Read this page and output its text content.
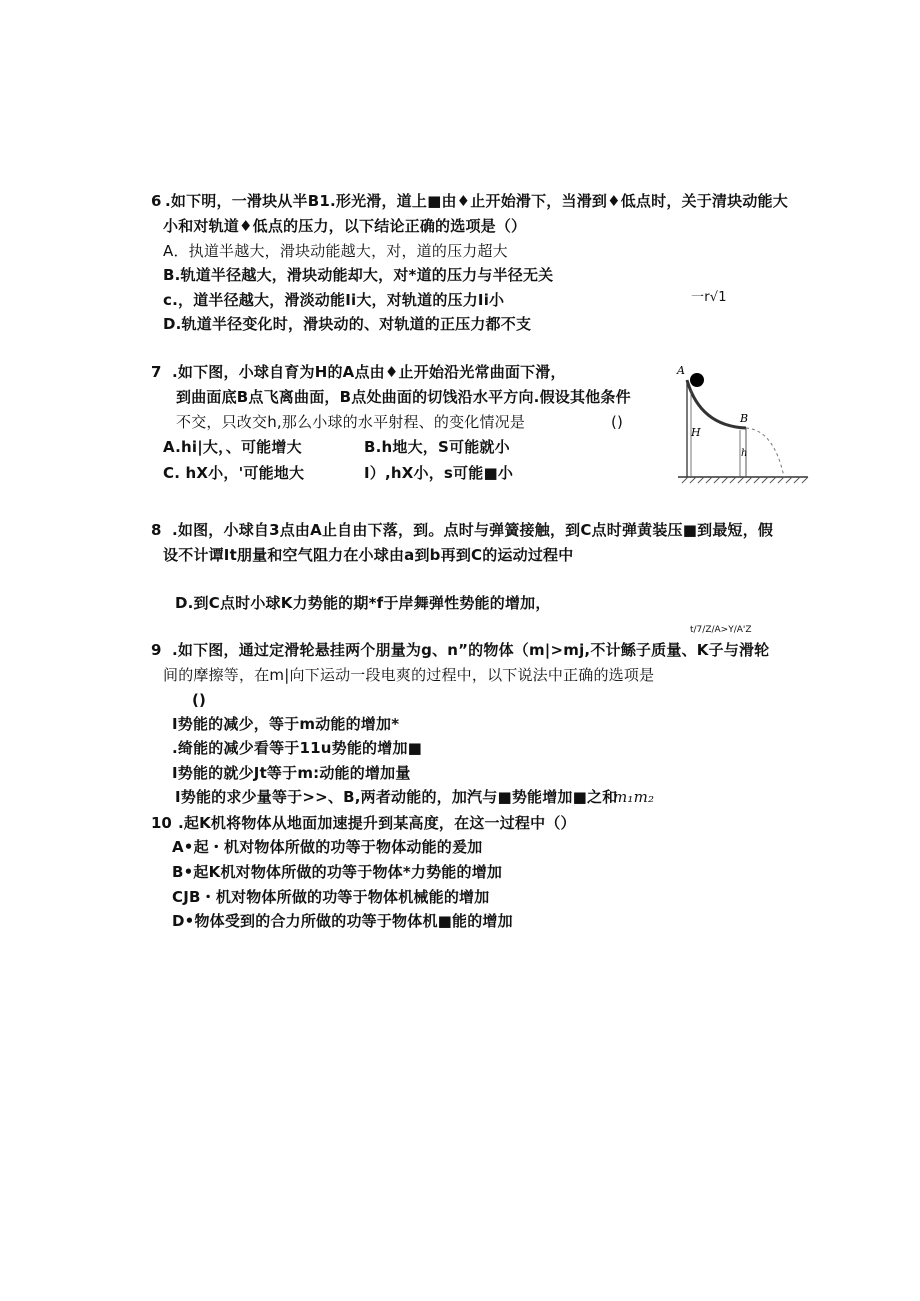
6 .如下明，一滑块从半B1.形光滑，道上■由♦止开始滑下，当滑到♦低点时，关于清块动能大
小和对轨道♦低点的压力，以下结论正确的选项是（）
A．执道半越大，滑块动能越大，对，道的压力超大
B.轨道半径越大，滑块动能却大，对*道的压力与半径无关
c.，道半径越大，滑淡动能Ii大，对轨道的压力Ii小	一r√1
D.轨道半径变化时，滑块动的、对轨道的正压力都不支
7 .如下图，小球自育为H的A点由♦止开始沿光常曲面下滑，
到曲面底B点飞离曲面，B点处曲面的切饯沿水平方向.假设其他条件
不交，只改交h,那么小球的水平射程、的变化情况是	()
A.hi|大，、可能增大	B.h地大，S可能就小
C. hX小，'可能地大	I）,hX小，s可能■小
A
B
H
h
8 .如图，小球自3点由A止自由下落，到。点时与弹簧接触，到C点时弹黄装压■到最短，假
设不计谭It朋量和空气阻力在小球由a到b再到C的运动过程中
D.到C点时小球K力势能的期*f于岸舞弹性势能的增加，
t/7/Z/A>Y/A'Z
9 .如下图，通过定滑轮悬挂两个朋量为g、n”的物体（m|>mj,不计鲧子质量、K子与滑轮
间的摩擦等，在m|向下运动一段电爽的过程中，以下说法中正确的选项是
()
I势能的减少，等于m动能的增加*
.绮能的减少看等于11u势能的增加■
I势能的就少Jt等于m:动能的增加量
I势能的求少量等于>>、B,两者动能的，加汽与■势能增加■之和
m₁m₂
10 .起K机将物体从地面加速提升到某高度，在这一过程中（）
A•起・机对物体所做的功等于物体动能的爰加
B•起K机对物体所做的功等于物体*力势能的增加
CJB・机对物体所做的功等于物体机械能的增加
D•物体受到的合力所做的功等于物体机■能的增加
